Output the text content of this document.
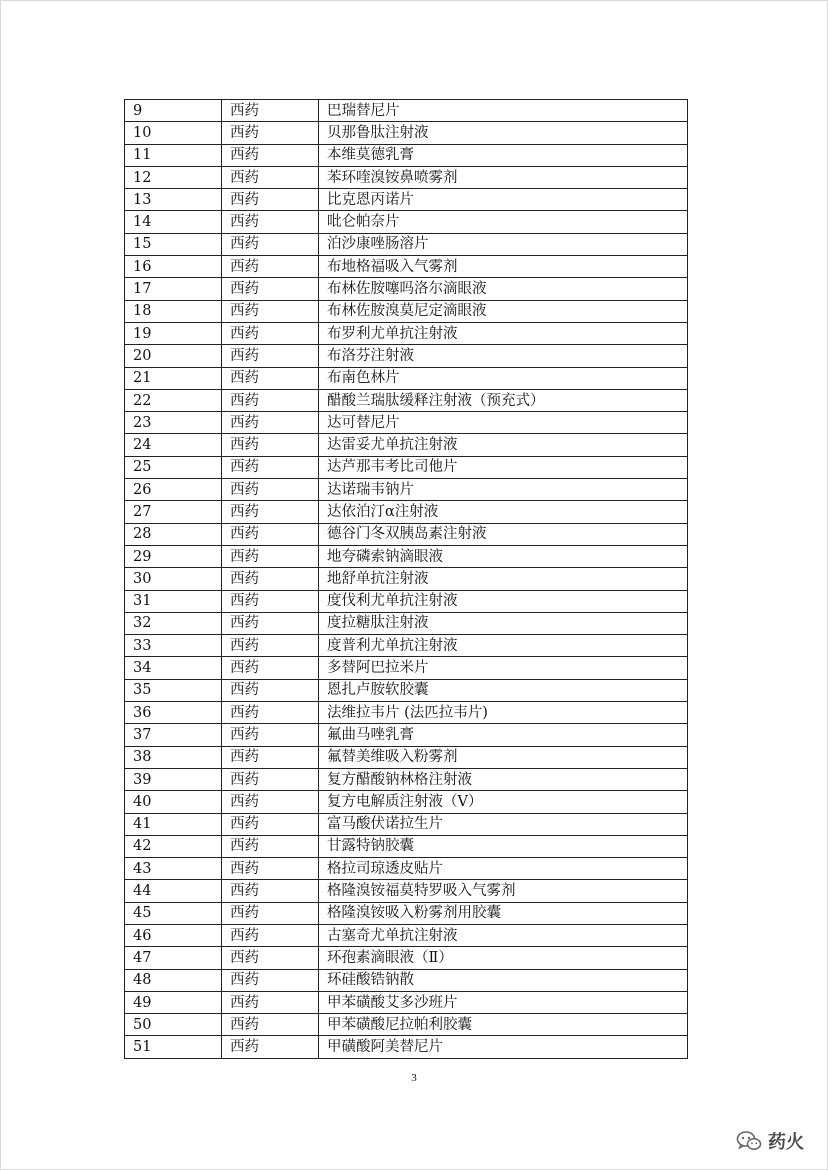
9	西药	巴瑞替尼片
10	西药	贝那鲁肽注射液
11	西药	本维莫德乳膏
12	西药	苯环喹溴铵鼻喷雾剂
13	西药	比克恩丙诺片
14	西药	吡仑帕奈片
15	西药	泊沙康唑肠溶片
16	西药	布地格福吸入气雾剂
17	西药	布林佐胺噻吗洛尔滴眼液
18	西药	布林佐胺溴莫尼定滴眼液
19	西药	布罗利尤单抗注射液
20	西药	布洛芬注射液
21	西药	布南色林片
22	西药	醋酸兰瑞肽缓释注射液（预充式）
23	西药	达可替尼片
24	西药	达雷妥尤单抗注射液
25	西药	达芦那韦考比司他片
26	西药	达诺瑞韦钠片
27	西药	达依泊汀α注射液
28	西药	德谷门冬双胰岛素注射液
29	西药	地夸磷索钠滴眼液
30	西药	地舒单抗注射液
31	西药	度伐利尤单抗注射液
32	西药	度拉糖肽注射液
33	西药	度普利尤单抗注射液
34	西药	多替阿巴拉米片
35	西药	恩扎卢胺软胶囊
36	西药	法维拉韦片 (法匹拉韦片)
37	西药	氟曲马唑乳膏
38	西药	氟替美维吸入粉雾剂
39	西药	复方醋酸钠林格注射液
40	西药	复方电解质注射液（V）
41	西药	富马酸伏诺拉生片
42	西药	甘露特钠胶囊
43	西药	格拉司琼透皮贴片
44	西药	格隆溴铵福莫特罗吸入气雾剂
45	西药	格隆溴铵吸入粉雾剂用胶囊
46	西药	古塞奇尤单抗注射液
47	西药	环孢素滴眼液（Ⅱ）
48	西药	环硅酸锆钠散
49	西药	甲苯磺酸艾多沙班片
50	西药	甲苯磺酸尼拉帕利胶囊
51	西药	甲磺酸阿美替尼片
3
药火
